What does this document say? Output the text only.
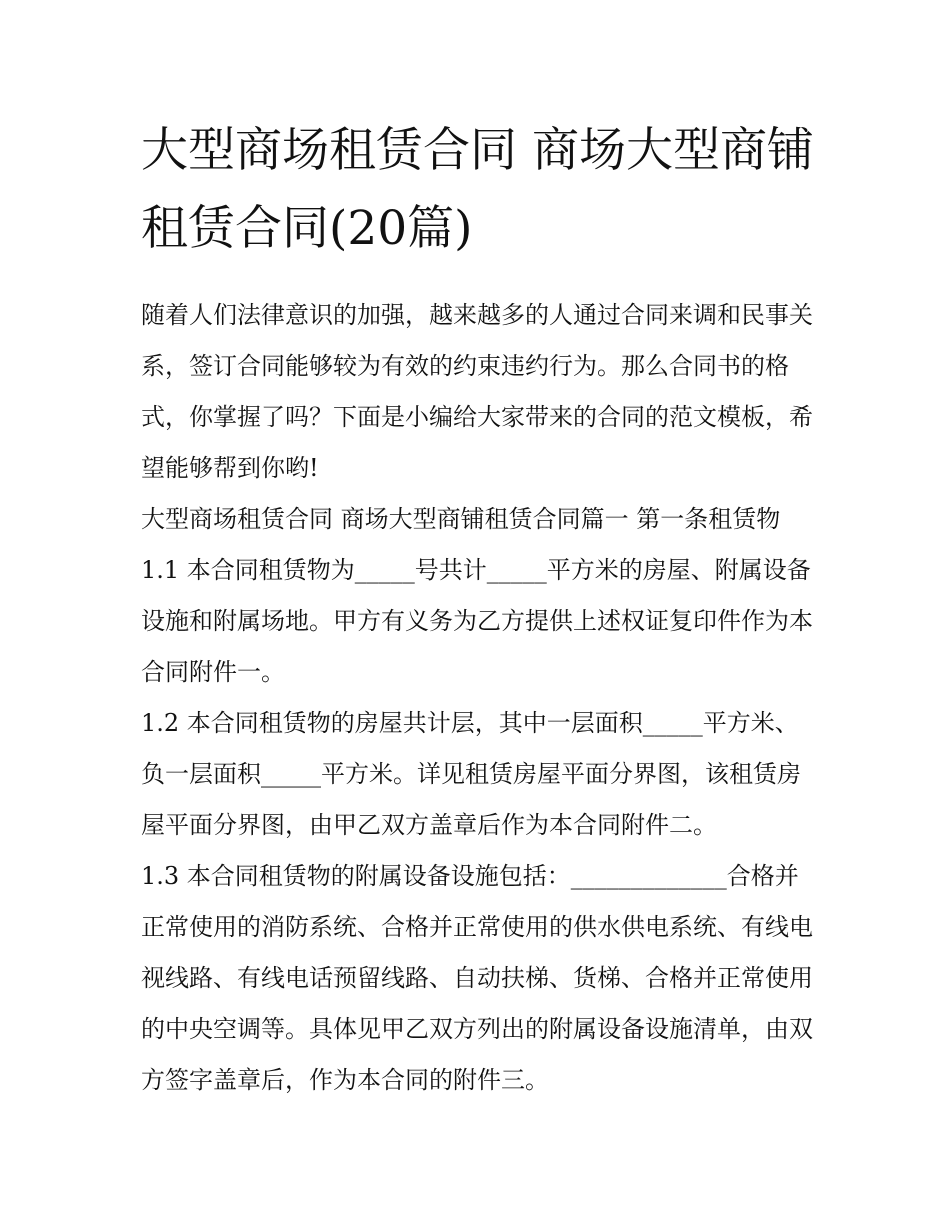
大型商场租赁合同 商场大型商铺租赁合同(20篇)

随着人们法律意识的加强，越来越多的人通过合同来调和民事关系，签订合同能够较为有效的约束违约行为。那么合同书的格式，你掌握了吗？下面是小编给大家带来的合同的范文模板，希望能够帮到你哟!

大型商场租赁合同 商场大型商铺租赁合同篇一 第一条租赁物

1.1 本合同租赁物为_____号共计_____平方米的房屋、附属设备设施和附属场地。甲方有义务为乙方提供上述权证复印件作为本合同附件一。

1.2 本合同租赁物的房屋共计层，其中一层面积_____平方米、负一层面积_____平方米。详见租赁房屋平面分界图，该租赁房屋平面分界图，由甲乙双方盖章后作为本合同附件二。

1.3 本合同租赁物的附属设备设施包括：_____________合格并正常使用的消防系统、合格并正常使用的供水供电系统、有线电视线路、有线电话预留线路、自动扶梯、货梯、合格并正常使用的中央空调等。具体见甲乙双方列出的附属设备设施清单，由双方签字盖章后，作为本合同的附件三。
